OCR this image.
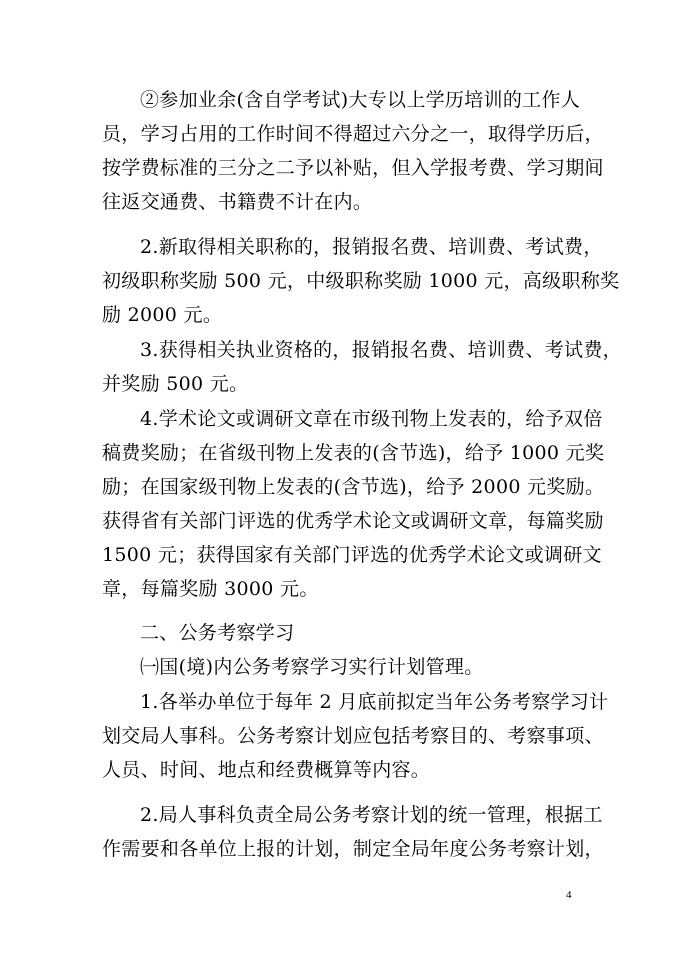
②参加业余(含自学考试)大专以上学历培训的工作人
员，学习占用的工作时间不得超过六分之一，取得学历后，
按学费标准的三分之二予以补贴，但入学报考费、学习期间
往返交通费、书籍费不计在内。
2.新取得相关职称的，报销报名费、培训费、考试费，
初级职称奖励 500 元，中级职称奖励 1000 元，高级职称奖
励 2000 元。
3.获得相关执业资格的，报销报名费、培训费、考试费，
并奖励 500 元。
4.学术论文或调研文章在市级刊物上发表的，给予双倍
稿费奖励；在省级刊物上发表的(含节选)，给予 1000 元奖
励；在国家级刊物上发表的(含节选)，给予 2000 元奖励。
获得省有关部门评选的优秀学术论文或调研文章，每篇奖励
1500 元；获得国家有关部门评选的优秀学术论文或调研文
章，每篇奖励 3000 元。
二、公务考察学习
㈠国(境)内公务考察学习实行计划管理。
1.各举办单位于每年 2 月底前拟定当年公务考察学习计
划交局人事科。公务考察计划应包括考察目的、考察事项、
人员、时间、地点和经费概算等内容。
2.局人事科负责全局公务考察计划的统一管理，根据工
作需要和各单位上报的计划，制定全局年度公务考察计划，
4
